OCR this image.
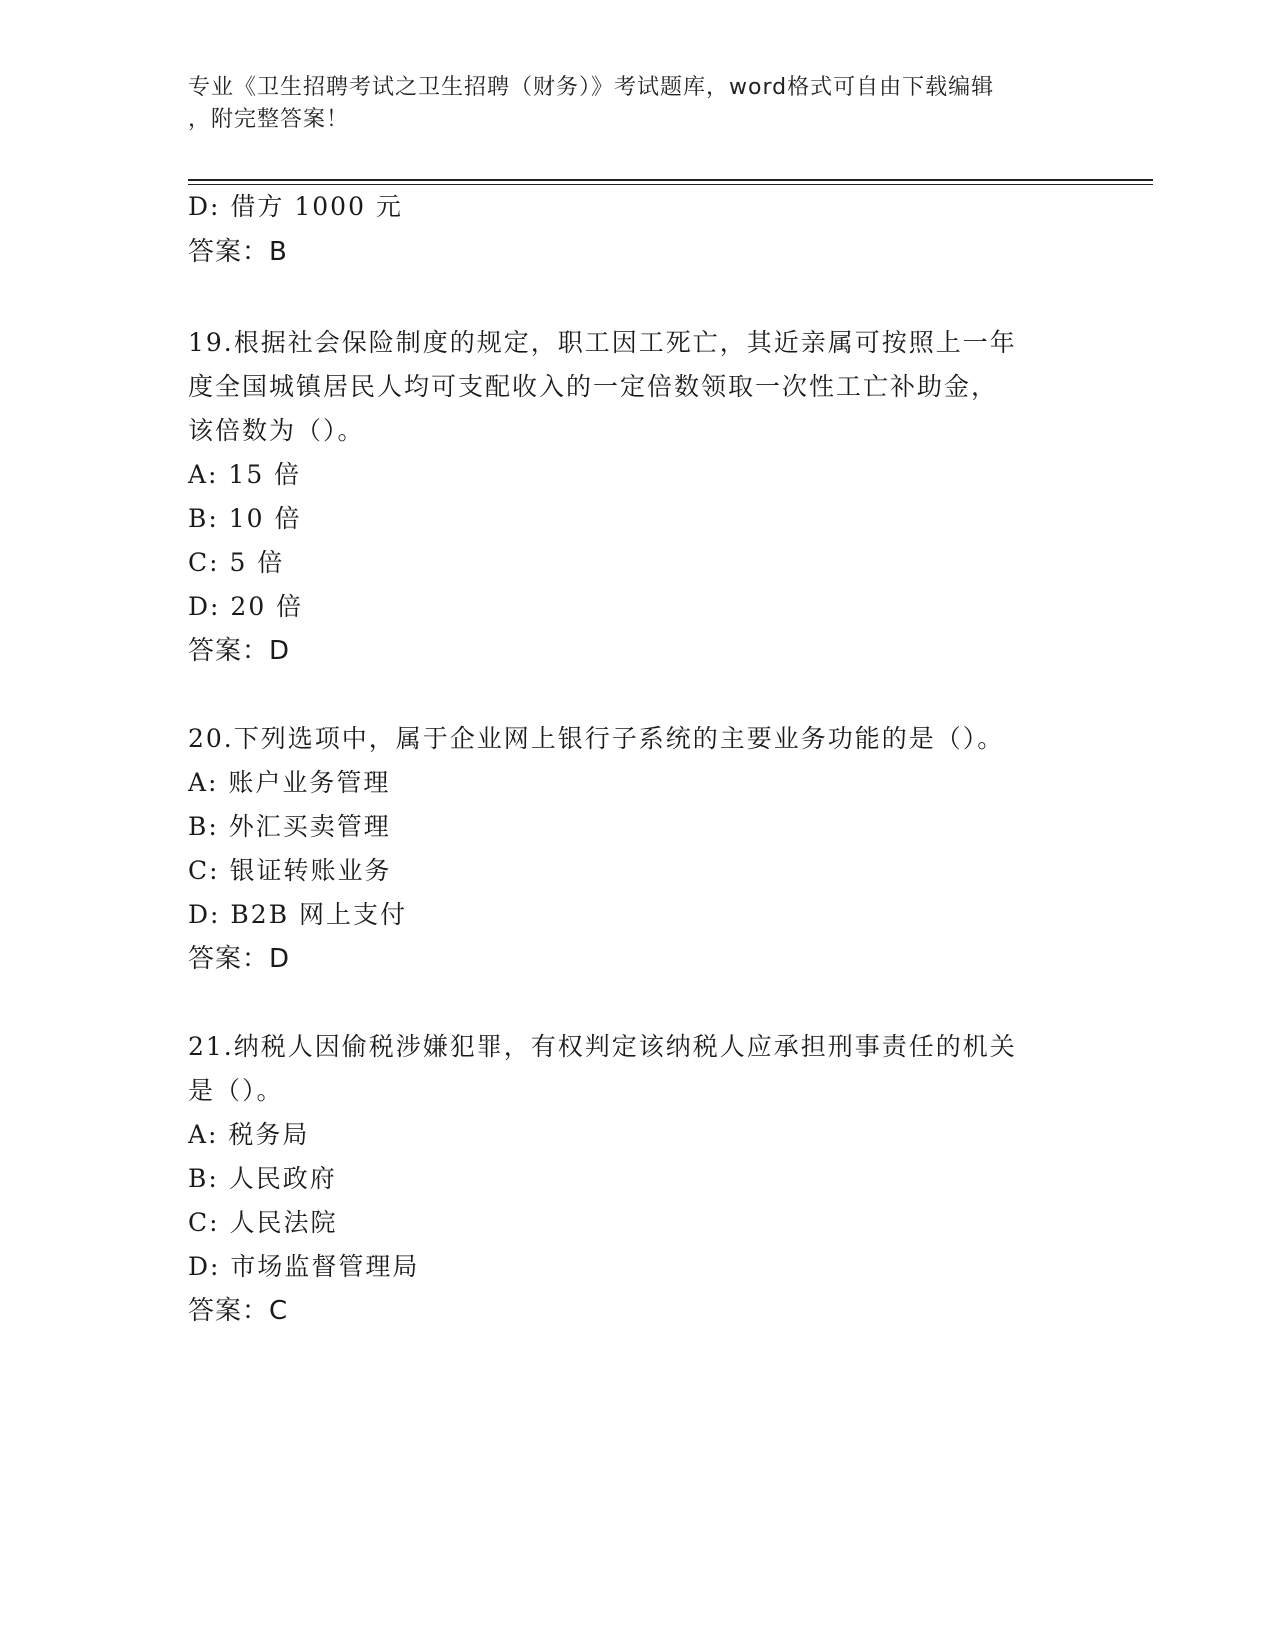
专业《卫生招聘考试之卫生招聘（财务）》考试题库，word格式可自由下载编辑
，附完整答案！
D: 借方 1000 元
答案：B
19.根据社会保险制度的规定，职工因工死亡，其近亲属可按照上一年
度全国城镇居民人均可支配收入的一定倍数领取一次性工亡补助金，
该倍数为（）。
A: 15 倍
B: 10 倍
C: 5 倍
D: 20 倍
答案：D
20.下列选项中，属于企业网上银行子系统的主要业务功能的是（）。
A: 账户业务管理
B: 外汇买卖管理
C: 银证转账业务
D: B2B 网上支付
答案：D
21.纳税人因偷税涉嫌犯罪，有权判定该纳税人应承担刑事责任的机关
是（）。
A: 税务局
B: 人民政府
C: 人民法院
D: 市场监督管理局
答案：C
